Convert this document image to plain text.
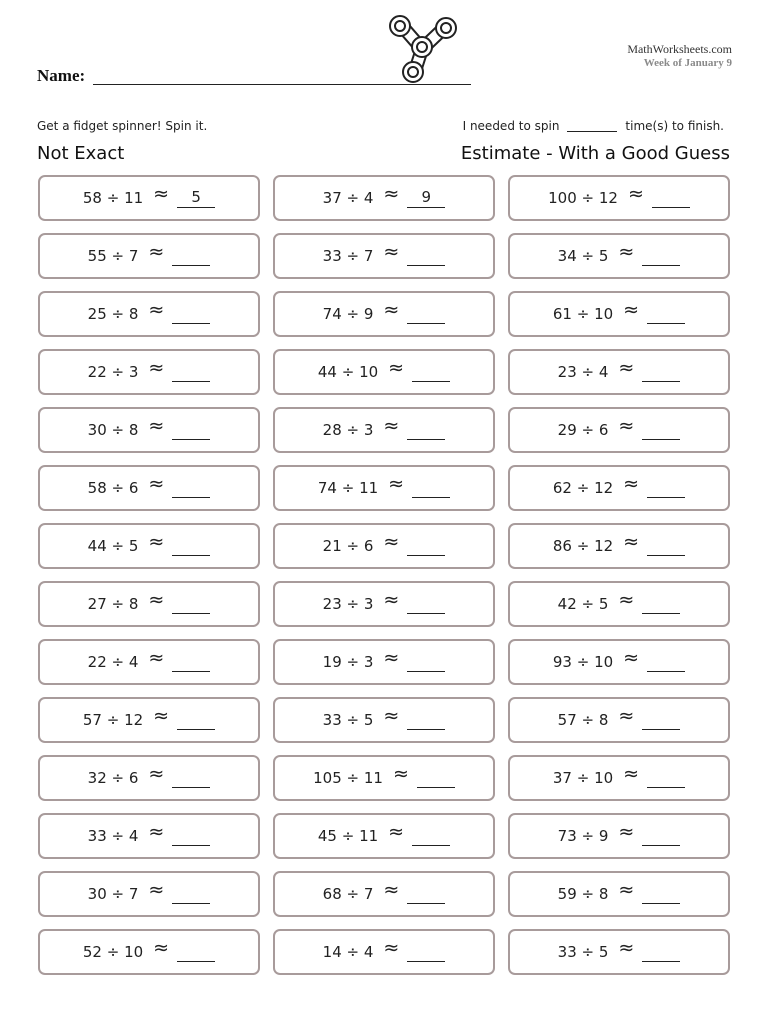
MathWorksheets.com
Week of January 9
Name:
Get a fidget spinner! Spin it.	I needed to spin	time(s) to finish.
Not Exact	Estimate - With a Good Guess
58 ÷ 11 ≈	5	37 ÷ 4 ≈	9	100 ÷ 12 ≈
55 ÷ 7 ≈	33 ÷ 7 ≈	34 ÷ 5 ≈
25 ÷ 8 ≈	74 ÷ 9 ≈	61 ÷ 10 ≈
22 ÷ 3 ≈	44 ÷ 10 ≈	23 ÷ 4 ≈
30 ÷ 8 ≈	28 ÷ 3 ≈	29 ÷ 6 ≈
58 ÷ 6 ≈	74 ÷ 11 ≈	62 ÷ 12 ≈
44 ÷ 5 ≈	21 ÷ 6 ≈	86 ÷ 12 ≈
27 ÷ 8 ≈	23 ÷ 3 ≈	42 ÷ 5 ≈
22 ÷ 4 ≈	19 ÷ 3 ≈	93 ÷ 10 ≈
57 ÷ 12 ≈	33 ÷ 5 ≈	57 ÷ 8 ≈
32 ÷ 6 ≈	105 ÷ 11 ≈	37 ÷ 10 ≈
33 ÷ 4 ≈	45 ÷ 11 ≈	73 ÷ 9 ≈
30 ÷ 7 ≈	68 ÷ 7 ≈	59 ÷ 8 ≈
52 ÷ 10 ≈	14 ÷ 4 ≈	33 ÷ 5 ≈
